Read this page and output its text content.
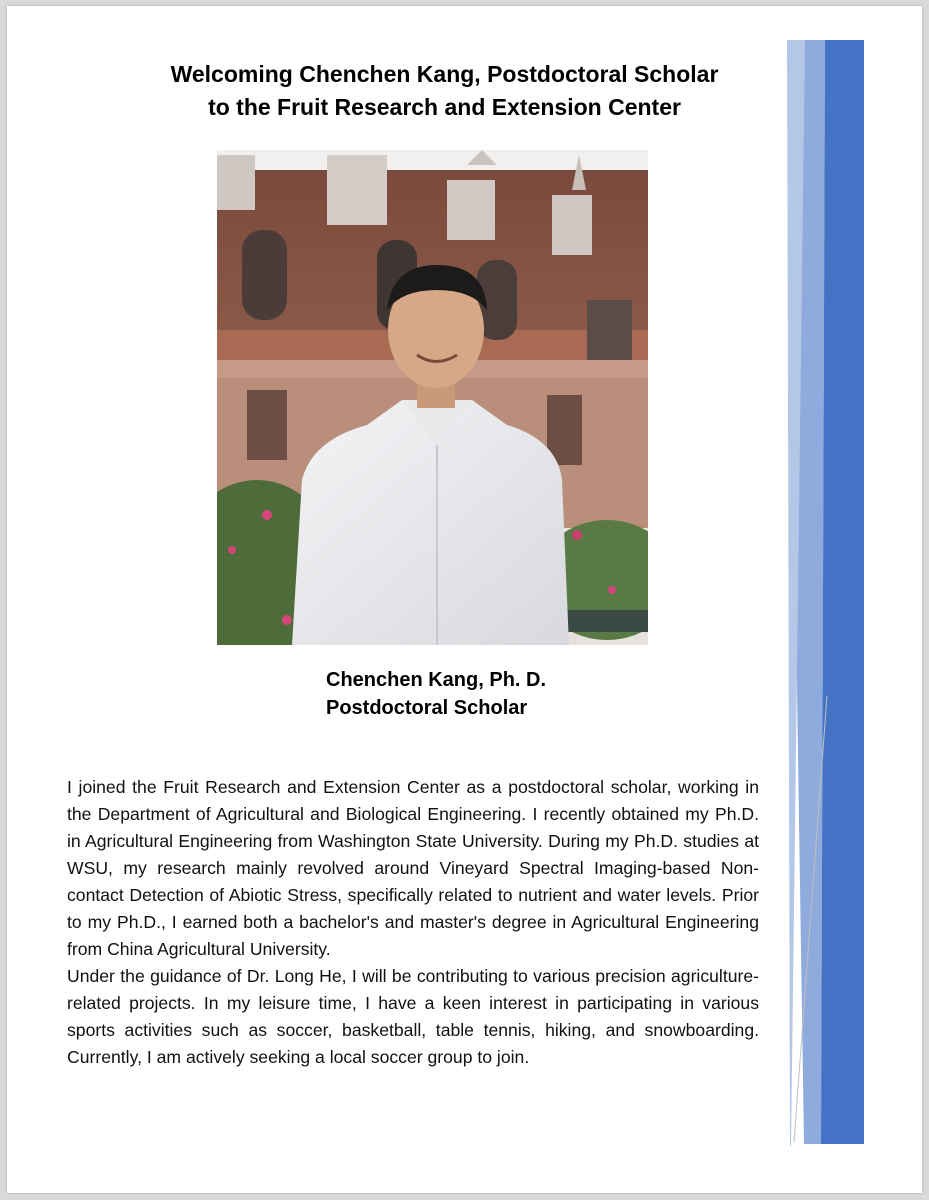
Welcoming Chenchen Kang, Postdoctoral Scholar
to the Fruit Research and Extension Center
Chenchen Kang, Ph. D.
Postdoctoral Scholar

I joined the Fruit Research and Extension Center as a postdoctoral scholar, working in the Department of Agricultural and Biological Engineering. I recently obtained my Ph.D. in Agricultural Engineering from Washington State University. During my Ph.D. studies at WSU, my research mainly revolved around Vineyard Spectral Imaging-based Non-contact Detection of Abiotic Stress, specifically related to nutrient and water levels. Prior to my Ph.D., I earned both a bachelor's and master's degree in Agricultural Engineering from China Agricultural University.

Under the guidance of Dr. Long He, I will be contributing to various precision agriculture-related projects. In my leisure time, I have a keen interest in participating in various sports activities such as soccer, basketball, table tennis, hiking, and snowboarding. Currently, I am actively seeking a local soccer group to join.
